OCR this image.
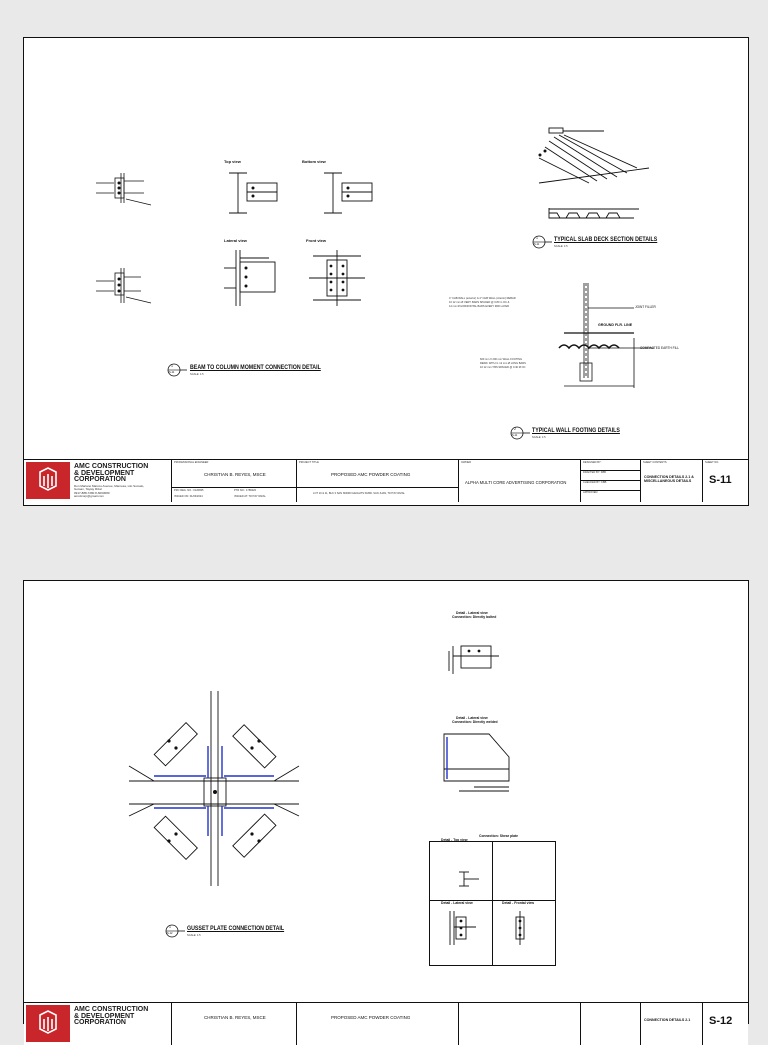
Top view	Bottom view
Lateral view	Front view
1
S-11
BEAM TO COLUMN MOMENT CONNECTION DETAIL
SCALE: 1:5
1
S-11
TYPICAL SLAB DECK SECTION DETAILS
SCALE: 1:5
4" CHB WALL (exterior) & 4" CHB WALL (interior) REBAR
10 12 mm Ø VERT. BARS SPACED @ 0.80 m OC &
12 mm Ø HORIZONTAL BARS EVERY 3RD LAYER	JOINT FILLER
GROUND FLR. LINE
COMPACTED EARTH FILL
600 mm X 200 mm WALL FOOTING
REINF. WITH 3- 12 mm Ø LONG BARS
10 12 mm T.BS SPACED @ 0.40 M OC
2
S-11
TYPICAL WALL FOOTING DETAILS
SCALE: 1:5
AMC CONSTRUCTION
& DEVELOPMENT
CORPORATION
Don Mariano Marcos Avenue, Manresa, Lilo Sumalo,
Gotoan, Taytay Rizal
0917-888-7280 8-6063080
amcdcorp@gmail.com
PROFESSIONAL ENGINEER
CHRISTIAN B. REYES, MSCE
PRC REG. NO.: 0126835	PTR NO.: 1786020
ISSUED ON: 01/03/2024	ISSUED AT: TAYTAY RIZAL
PROJECT TITLE
PROPOSED AMC POWDER COATING
LOT 10 & 11, BLK 3 SAN ISIDRO HEIGHTS SUBD. SAN JUAN, TAYTAY RIZAL
OWNER
ALPHA MULTI CORE ADVERTISING CORPORATION
DESIGNED BY:
DRAFTED BY: KBB
CHECKED BY: KBB
APPROVED:
SHEET CONTENTS
CONNECTION DETAILS 2.1 & MISCELLANEOUS DETAILS
SHEET NO.
S-11
1
S-12
GUSSET PLATE CONNECTION DETAIL
SCALE: 1:5
Detail - Lateral view
Connection: Directly bolted
Detail - Lateral view
Connection: Directly welded
Connection: Shear plate
Detail - Top view
Detail - Lateral view	Detail - Frontal view
AMC CONSTRUCTION
& DEVELOPMENT
CORPORATION
CHRISTIAN B. REYES, MSCE	PROPOSED AMC POWDER COATING	CONNECTION DETAILS 2.1 S-12
